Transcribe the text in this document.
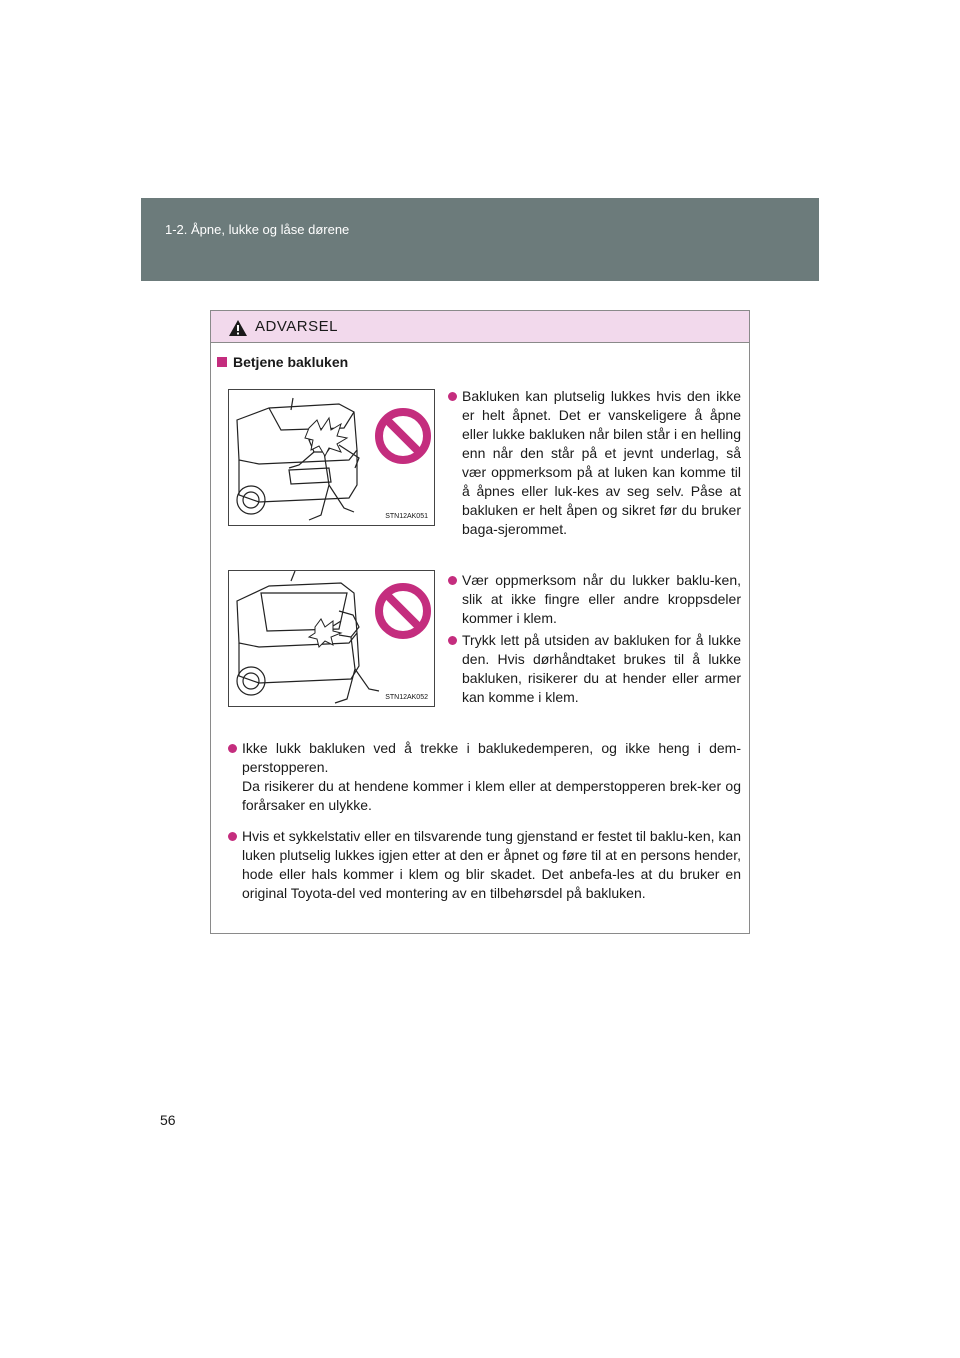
1-2. Åpne, lukke og låse dørene
ADVARSEL
Betjene bakluken
STN12AK051
STN12AK052
Bakluken kan plutselig lukkes hvis den ikke er helt åpnet. Det er vanskeligere å åpne eller lukke bakluken når bilen står i en helling enn når den står på et jevnt underlag, så vær oppmerksom på at luken kan komme til å åpnes eller luk-kes av seg selv. Påse at bakluken er helt åpen og sikret før du bruker baga-sjerommet.
Vær oppmerksom når du lukker baklu-ken, slik at ikke fingre eller andre kroppsdeler kommer i klem.
Trykk lett på utsiden av bakluken for å lukke den. Hvis dørhåndtaket brukes til å lukke bakluken, risikerer du at hender eller armer kan komme i klem.
Ikke lukk bakluken ved å trekke i baklukedemperen, og ikke heng i dem-perstopperen.
Da risikerer du at hendene kommer i klem eller at demperstopperen brek-ker og forårsaker en ulykke.
Hvis et sykkelstativ eller en tilsvarende tung gjenstand er festet til baklu-ken, kan luken plutselig lukkes igjen etter at den er åpnet og føre til at en persons hender, hode eller hals kommer i klem og blir skadet. Det anbefa-les at du bruker en original Toyota-del ved montering av en tilbehørsdel på bakluken.
56
